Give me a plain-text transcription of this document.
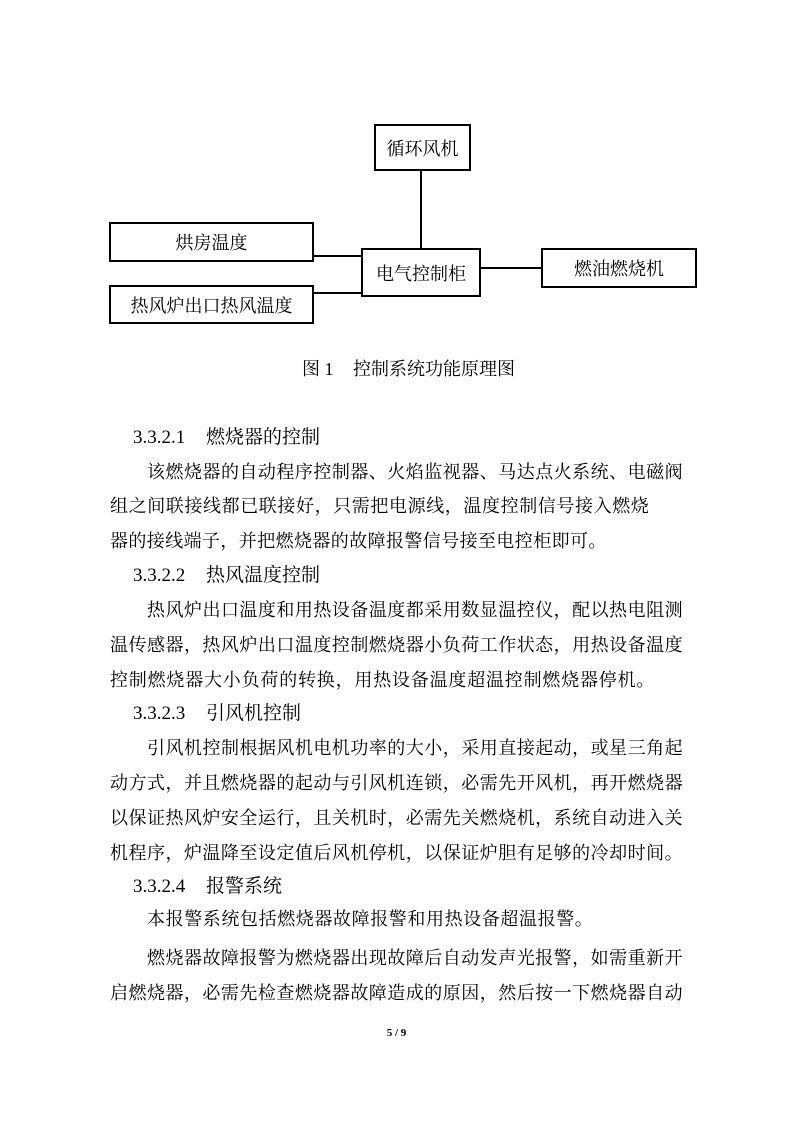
循环风机
烘房温度
电气控制柜	燃油燃烧机
热风炉出口热风温度
图 1 控制系统功能原理图
3.3.2.1 燃烧器的控制
该燃烧器的自动程序控制器、火焰监视器、马达点火系统、电磁阀
组之间联接线都已联接好，只需把电源线，温度控制信号接入燃烧
器的接线端子，并把燃烧器的故障报警信号接至电控柜即可。
3.3.2.2 热风温度控制
热风炉出口温度和用热设备温度都采用数显温控仪，配以热电阻测
温传感器，热风炉出口温度控制燃烧器小负荷工作状态，用热设备温度
控制燃烧器大小负荷的转换，用热设备温度超温控制燃烧器停机。
3.3.2.3 引风机控制
引风机控制根据风机电机功率的大小，采用直接起动，或星三角起
动方式，并且燃烧器的起动与引风机连锁，必需先开风机，再开燃烧器
以保证热风炉安全运行，且关机时，必需先关燃烧机，系统自动进入关
机程序，炉温降至设定值后风机停机，以保证炉胆有足够的冷却时间。
3.3.2.4 报警系统
本报警系统包括燃烧器故障报警和用热设备超温报警。
燃烧器故障报警为燃烧器出现故障后自动发声光报警，如需重新开
启燃烧器，必需先检查燃烧器故障造成的原因，然后按一下燃烧器自动
5 / 9
